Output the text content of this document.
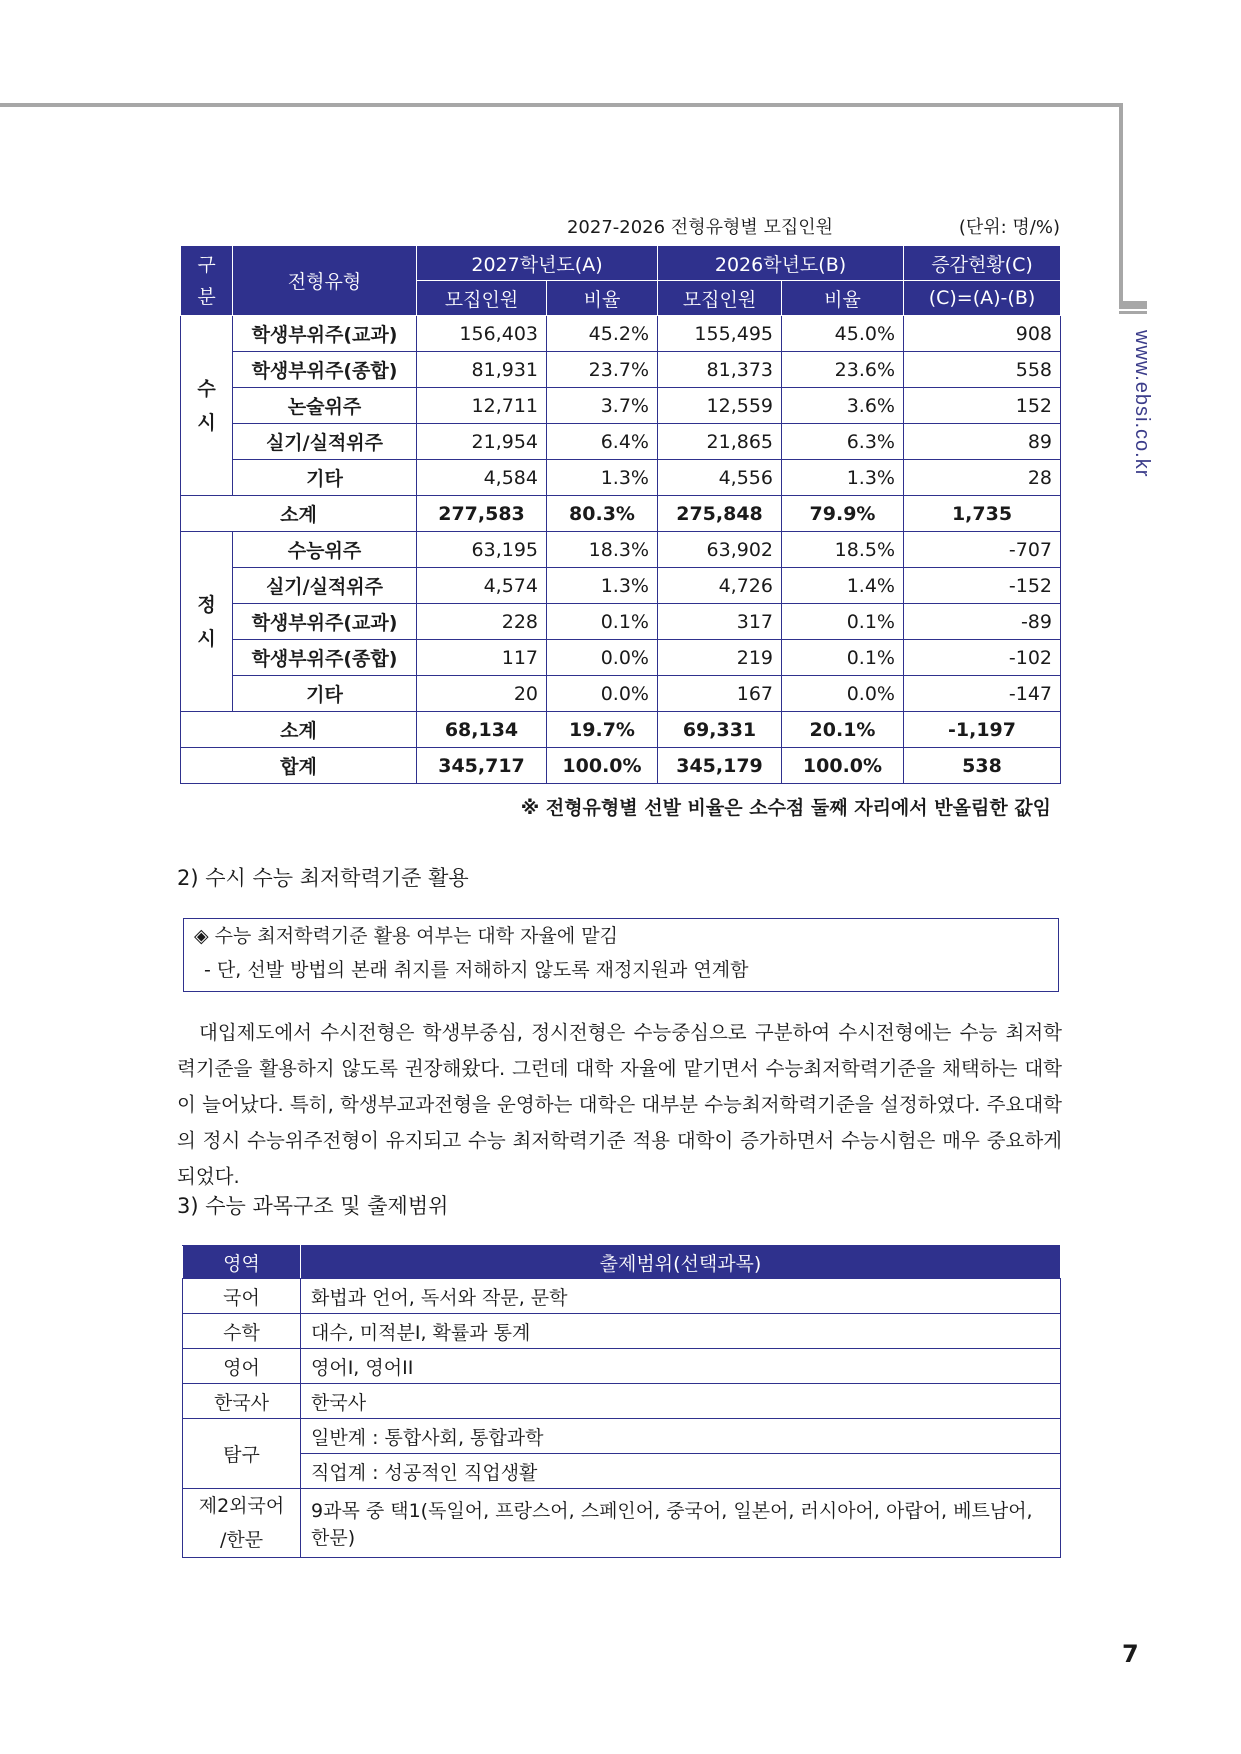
www.ebsi.co.kr
2027-2026 전형유형별 모집인원	(단위: 명/%)
구
분	전형유형	2027학년도(A)		2026학년도(B)		증감현황(C)
		모집인원	비율	모집인원	비율	(C)=(A)-(B)

수
시	학생부위주(교과)	156,403	45.2%	155,495	45.0%	908
	학생부위주(종합)	81,931	23.7%	81,373	23.6%	558
	논술위주	12,711	3.7%	12,559	3.6%	152
	실기/실적위주	21,954	6.4%	21,865	6.3%	89
	기타	4,584	1.3%	4,556	1.3%	28
소계		277,583	80.3%	275,848	79.9%	1,735

정
시	수능위주	63,195	18.3%	63,902	18.5%	-707
	실기/실적위주	4,574	1.3%	4,726	1.4%	-152
	학생부위주(교과)	228	0.1%	317	0.1%	-89
	학생부위주(종합)	117	0.0%	219	0.1%	-102
	기타	20	0.0%	167	0.0%	-147
소계		68,134	19.7%	69,331	20.1%	-1,197
합계		345,717	100.0%	345,179	100.0%	538
※ 전형유형별 선발 비율은 소수점 둘째 자리에서 반올림한 값임
2) 수시 수능 최저학력기준 활용
◈ 수능 최저학력기준 활용 여부는 대학 자율에 맡김
- 단, 선발 방법의 본래 취지를 저해하지 않도록 재정지원과 연계함

대입제도에서 수시전형은 학생부중심, 정시전형은 수능중심으로 구분하여 수시전형에는 수능 최저학력기준을 활용하지 않도록 권장해왔다. 그런데 대학 자율에 맡기면서 수능최저학력기준을 채택하는 대학이 늘어났다. 특히, 학생부교과전형을 운영하는 대학은 대부분 수능최저학력기준을 설정하였다. 주요대학의 정시 수능위주전형이 유지되고 수능 최저학력기준 적용 대학이 증가하면서 수능시험은 매우 중요하게 되었다.

3) 수능 과목구조 및 출제범위
영역	출제범위(선택과목)
국어	화법과 언어, 독서와 작문, 문학
수학	대수, 미적분I, 확률과 통계
영어	영어I, 영어II
한국사	한국사
탐구	일반계 : 통합사회, 통합과학
	직업계 : 성공적인 직업생활

제2외국어
/한문	9과목 중 택1(독일어, 프랑스어, 스페인어, 중국어, 일본어, 러시아어, 아랍어, 베트남어, 한문)
7
